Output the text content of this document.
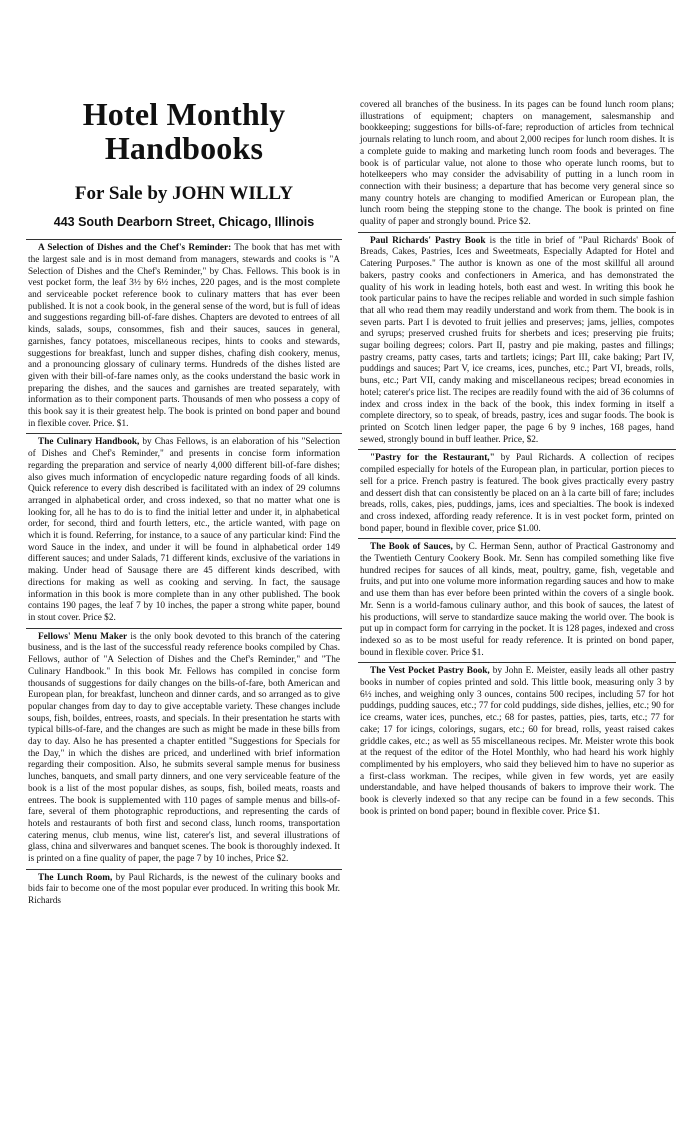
Hotel Monthly Handbooks
For Sale by JOHN WILLY
443 South Dearborn Street, Chicago, Illinois
A Selection of Dishes and the Chef's Reminder: The book that has met with the largest sale and is in most demand from managers, stewards and cooks is "A Selection of Dishes and the Chef's Reminder," by Chas. Fellows. This book is in vest pocket form, the leaf 3½ by 6½ inches, 220 pages, and is the most complete and serviceable pocket reference book to culinary matters that has ever been published. It is not a cook book, in the general sense of the word, but is full of ideas and suggestions regarding bill-of-fare dishes. Chapters are devoted to entrees of all kinds, salads, soups, consommes, fish and their sauces, sauces in general, garnishes, fancy potatoes, miscellaneous recipes, hints to cooks and stewards, suggestions for breakfast, lunch and supper dishes, chafing dish cookery, menus, and a pronouncing glossary of culinary terms. Hundreds of the dishes listed are given with their bill-of-fare names only, as the cooks understand the basic work in preparing the dishes, and the sauces and garnishes are treated separately, with information as to their component parts. Thousands of men who possess a copy of this book say it is their greatest help. The book is printed on bond paper and bound in flexible cover. Price. $1.
The Culinary Handbook, by Chas Fellows, is an elaboration of his "Selection of Dishes and Chef's Reminder," and presents in concise form information regarding the preparation and service of nearly 4,000 different bill-of-fare dishes; also gives much information of encyclopedic nature regarding foods of all kinds. Quick reference to every dish described is facilitated with an index of 29 columns arranged in alphabetical order, and cross indexed, so that no matter what one is looking for, all he has to do is to find the initial letter and under it, in alphabetical order, for second, third and fourth letters, etc., the article wanted, with page on which it is found. Referring, for instance, to a sauce of any particular kind: Find the word Sauce in the index, and under it will be found in alphabetical order 149 different sauces; and under Salads, 71 different kinds, exclusive of the variations in making. Under head of Sausage there are 45 different kinds described, with directions for making as well as cooking and serving. In fact, the sausage information in this book is more complete than in any other published. The book contains 190 pages, the leaf 7 by 10 inches, the paper a strong white paper, bound in stout cover. Price $2.
Fellows' Menu Maker is the only book devoted to this branch of the catering business, and is the last of the successful ready reference books compiled by Chas. Fellows, author of "A Selection of Dishes and the Chef's Reminder," and "The Culinary Handbook." In this book Mr. Fellows has compiled in concise form thousands of suggestions for daily changes on the bills-of-fare, both American and European plan, for breakfast, luncheon and dinner cards, and so arranged as to give popular changes from day to day to give acceptable variety. These changes include soups, fish, boildes, entrees, roasts, and specials. In their presentation he starts with typical bills-of-fare, and the changes are such as might be made in these bills from day to day. Also he has presented a chapter entitled "Suggestions for Specials for the Day," in which the dishes are priced, and underlined with brief information regarding their composition. Also, he submits several sample menus for business lunches, banquets, and small party dinners, and one very serviceable feature of the book is a list of the most popular dishes, as soups, fish, boiled meats, roasts and entrees. The book is supplemented with 110 pages of sample menus and bills-of-fare, several of them photographic reproductions, and representing the cards of hotels and restaurants of both first and second class, lunch rooms, transportation catering menus, club menus, wine list, caterer's list, and several illustrations of glass, china and silverwares and banquet scenes. The book is thoroughly indexed. It is printed on a fine quality of paper, the page 7 by 10 inches, Price $2.
The Lunch Room, by Paul Richards, is the newest of the culinary books and bids fair to become one of the most popular ever produced. In writing this book Mr. Richards
covered all branches of the business. In its pages can be found lunch room plans; illustrations of equipment; chapters on management, salesmanship and bookkeeping; suggestions for bills-of-fare; reproduction of articles from technical journals relating to lunch room, and about 2,000 recipes for lunch room dishes. It is a complete guide to making and marketing lunch room foods and beverages. The book is of particular value, not alone to those who operate lunch rooms, but to hotelkeepers who may consider the advisability of putting in a lunch room in connection with their business; a departure that has become very general since so many country hotels are changing to modified American or European plan, the lunch room being the stepping stone to the change. The book is printed on fine quality of paper and strongly bound. Price $2.
Paul Richards' Pastry Book is the title in brief of "Paul Richards' Book of Breads, Cakes, Pastries, Ices and Sweetmeats, Especially Adapted for Hotel and Catering Purposes." The author is known as one of the most skillful all around bakers, pastry cooks and confectioners in America, and has demonstrated the quality of his work in leading hotels, both east and west. In writing this book he took particular pains to have the recipes reliable and worded in such simple fashion that all who read them may readily understand and work from them. The book is in seven parts. Part I is devoted to fruit jellies and preserves; jams, jellies, compotes and syrups; preserved crushed fruits for sherbets and ices; preserving pie fruits; sugar boiling degrees; colors. Part II, pastry and pie making, pastes and fillings; pastry creams, patty cases, tarts and tartlets; icings; Part III, cake baking; Part IV, puddings and sauces; Part V, ice creams, ices, punches, etc.; Part VI, breads, rolls, buns, etc.; Part VII, candy making and miscellaneous recipes; bread economies in hotel; caterer's price list. The recipes are readily found with the aid of 36 columns of index and cross index in the back of the book, this index forming in itself a complete directory, so to speak, of breads, pastry, ices and sugar foods. The book is printed on Scotch linen ledger paper, the page 6 by 9 inches, 168 pages, hand sewed, strongly bound in buff leather. Price, $2.
"Pastry for the Restaurant," by Paul Richards. A collection of recipes compiled especially for hotels of the European plan, in particular, portion pieces to sell for a price. French pastry is featured. The book gives practically every pastry and dessert dish that can consistently be placed on an à la carte bill of fare; includes breads, rolls, cakes, pies, puddings, jams, ices and specialties. The book is indexed and cross indexed, affording ready reference. It is in vest pocket form, printed on bond paper, bound in flexible cover, price $1.00.
The Book of Sauces, by C. Herman Senn, author of Practical Gastronomy and the Twentieth Century Cookery Book. Mr. Senn has compiled something like five hundred recipes for sauces of all kinds, meat, poultry, game, fish, vegetable and fruits, and put into one volume more information regarding sauces and how to make and use them than has ever before been printed within the covers of a single book. Mr. Senn is a world-famous culinary author, and this book of sauces, the latest of his productions, will serve to standardize sauce making the world over. The book is put up in compact form for carrying in the pocket. It is 128 pages, indexed and cross indexed so as to be most useful for ready reference. It is printed on bond paper, bound in flexible cover. Price $1.
The Vest Pocket Pastry Book, by John E. Meister, easily leads all other pastry books in number of copies printed and sold. This little book, measuring only 3 by 6½ inches, and weighing only 3 ounces, contains 500 recipes, including 57 for hot puddings, pudding sauces, etc.; 77 for cold puddings, side dishes, jellies, etc.; 90 for ice creams, water ices, punches, etc.; 68 for pastes, patties, pies, tarts, etc.; 77 for cake; 17 for icings, colorings, sugars, etc.; 60 for bread, rolls, yeast raised cakes griddle cakes, etc.; as well as 55 miscellaneous recipes. Mr. Meister wrote this book at the request of the editor of the Hotel Monthly, who had heard his work highly complimented by his employers, who said they believed him to have no superior as a first-class workman. The recipes, while given in few words, yet are easily understandable, and have helped thousands of bakers to improve their work. The book is cleverly indexed so that any recipe can be found in a few seconds. This book is printed on bond paper; bound in flexible cover. Price $1.
